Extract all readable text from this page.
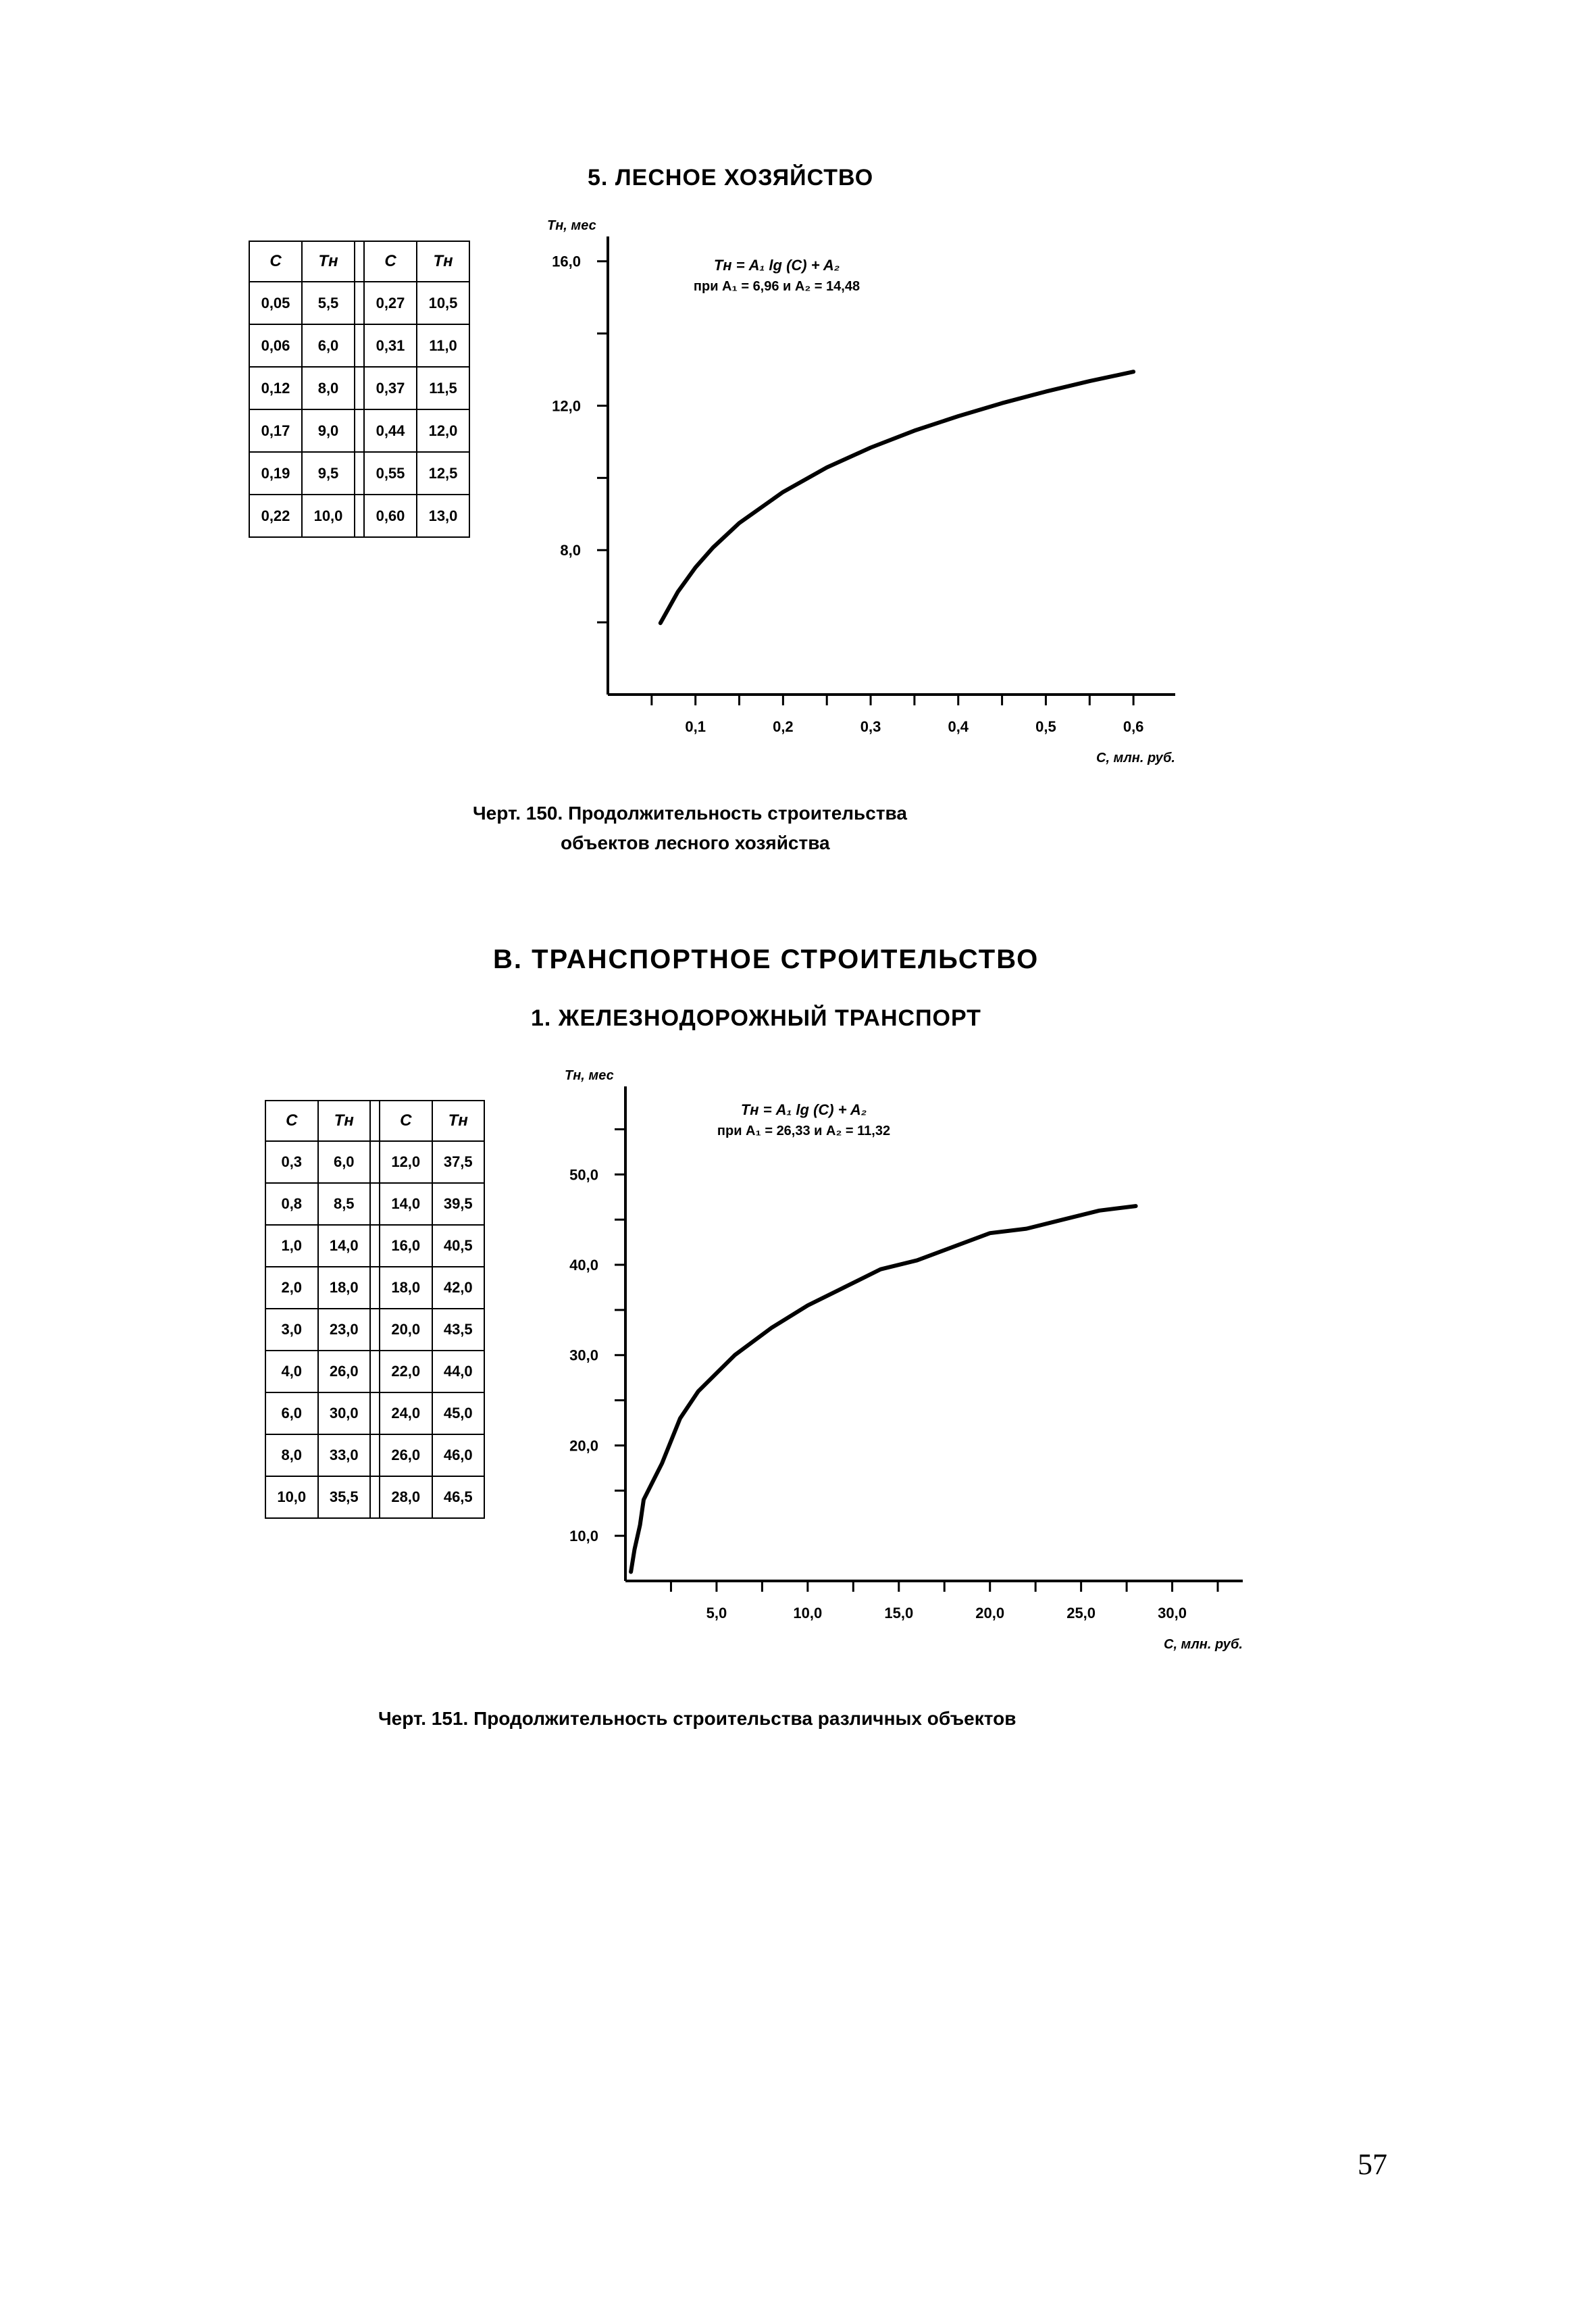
5. ЛЕСНОЕ ХОЗЯЙСТВО
C	Tн		C	Tн
0,05	5,5		0,27	10,5
0,06	6,0		0,31	11,0
0,12	8,0		0,37	11,5
0,17	9,0		0,44	12,0
0,19	9,5		0,55	12,5
0,22	10,0		0,60	13,0
8,0
12,0
16,0
0,1	0,2	0,3	0,4	0,5	0,6
Tн, мес
C, млн. руб.
Tн = A₁ lg (C) + A₂
при A₁ = 6,96 и A₂ = 14,48
Черт. 150. Продолжительность строительства
объектов лесного хозяйства
В. ТРАНСПОРТНОЕ СТРОИТЕЛЬСТВО
1. ЖЕЛЕЗНОДОРОЖНЫЙ ТРАНСПОРТ
C	Tн		C	Tн
0,3	6,0		12,0	37,5
0,8	8,5		14,0	39,5
1,0	14,0		16,0	40,5
2,0	18,0		18,0	42,0
3,0	23,0		20,0	43,5
4,0	26,0		22,0	44,0
6,0	30,0		24,0	45,0
8,0	33,0		26,0	46,0
10,0	35,5		28,0	46,5
10,0
20,0
30,0
40,0
50,0
5,0	10,0	15,0	20,0	25,0	30,0
Tн, мес
C, млн. руб.
Tн = A₁ lg (C) + A₂
при A₁ = 26,33 и A₂ = 11,32
Черт. 151. Продолжительность строительства различных объектов
57
